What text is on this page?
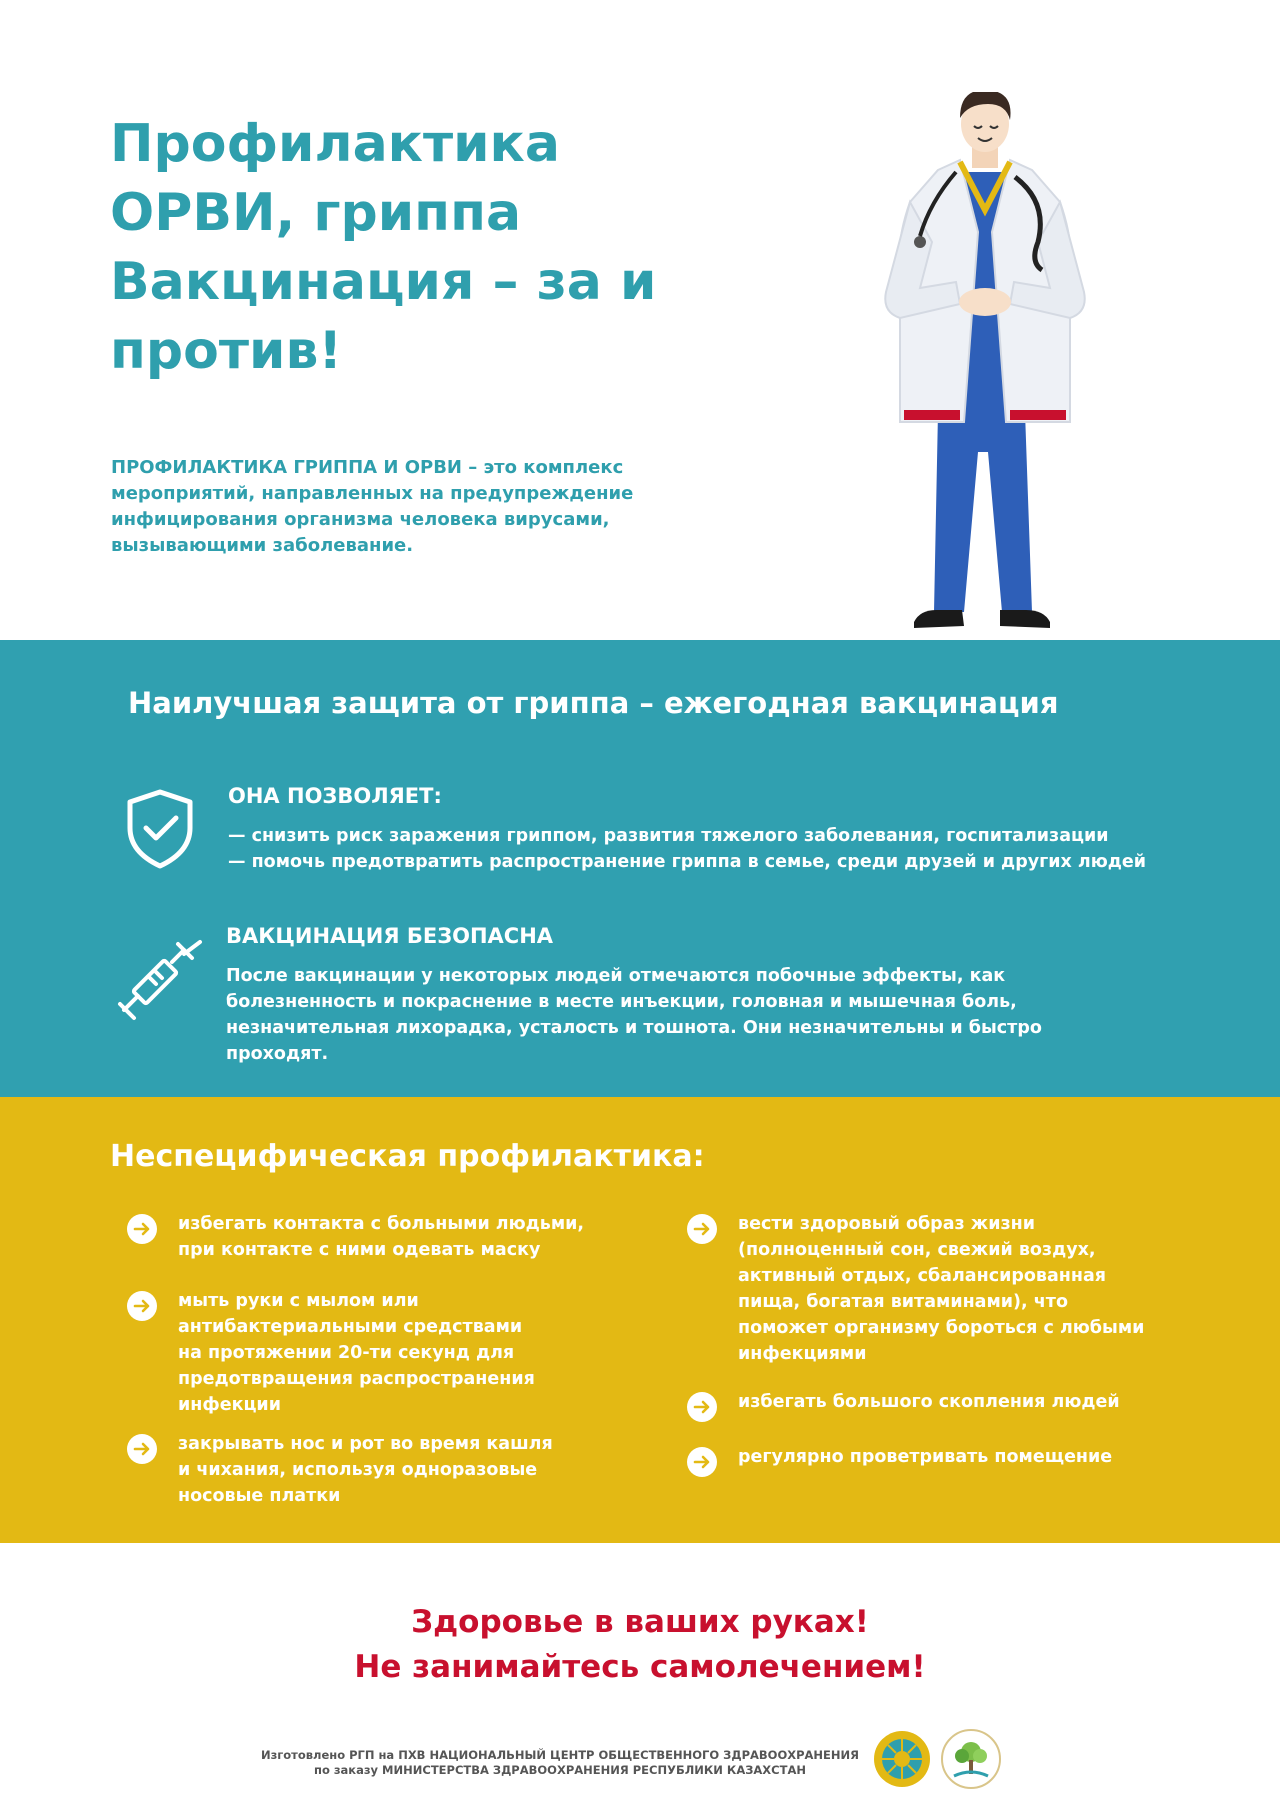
Профилактика
ОРВИ, гриппа
Вакцинация – за и
против!

ПРОФИЛАКТИКА ГРИППА И ОРВИ – это комплекс мероприятий, направленных на предупреждение инфицирования организма человека вирусами, вызывающими заболевание.

Наилучшая защита от гриппа – ежегодная вакцинация
ОНА ПОЗВОЛЯЕТ:

— снизить риск заражения гриппом, развития тяжелого заболевания, госпитализации

— помочь предотвратить распространение гриппа в семье, среди друзей и других людей

ВАКЦИНАЦИЯ БЕЗОПАСНА

После вакцинации у некоторых людей отмечаются побочные эффекты, как болезненность и покраснение в месте инъекции, головная и мышечная боль, незначительная лихорадка, усталость и тошнота. Они незначительны и быстро проходят.

Неспецифическая профилактика:

избегать контакта с больными людьми,
при контакте с ними одевать маску

мыть руки с мылом или
антибактериальными средствами
на протяжении 20-ти секунд для
предотвращения распространения
инфекции

закрывать нос и рот во время кашля
и чихания, используя одноразовые
носовые платки

вести здоровый образ жизни
(полноценный сон, свежий воздух,
активный отдых, сбалансированная
пища, богатая витаминами), что
поможет организму бороться с любыми
инфекциями

избегать большого скопления людей

регулярно проветривать помещение

Здоровье в ваших руках!
Не занимайтесь самолечением!

Изготовлено РГП на ПХВ НАЦИОНАЛЬНЫЙ ЦЕНТР ОБЩЕСТВЕННОГО ЗДРАВООХРАНЕНИЯ
по заказу МИНИСТЕРСТВА ЗДРАВООХРАНЕНИЯ РЕСПУБЛИКИ КАЗАХСТАН
